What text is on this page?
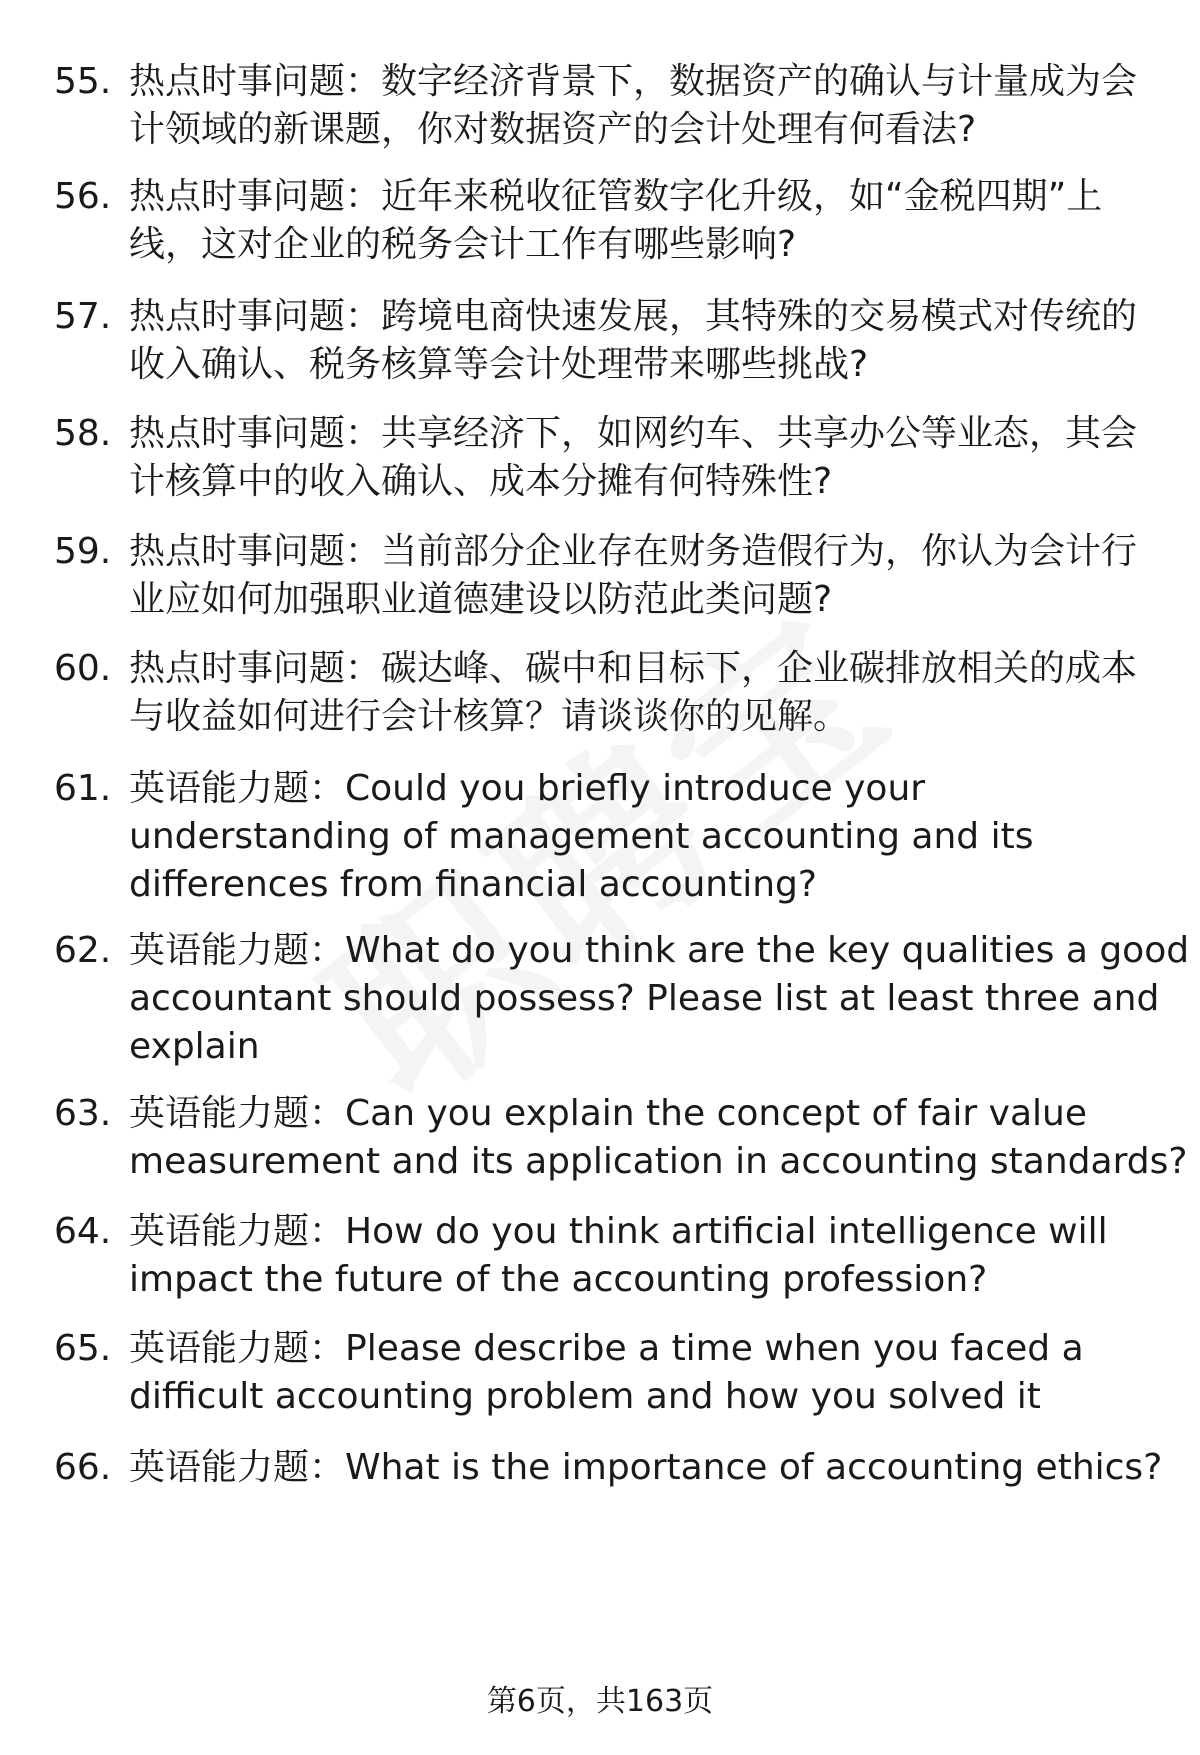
55. 热点时事问题：数字经济背景下，数据资产的确认与计量成为会
计领域的新课题，你对数据资产的会计处理有何看法?
56. 热点时事问题：近年来税收征管数字化升级，如“金税四期”上
线，这对企业的税务会计工作有哪些影响?
57. 热点时事问题：跨境电商快速发展，其特殊的交易模式对传统的
收入确认、税务核算等会计处理带来哪些挑战?
58. 热点时事问题：共享经济下，如网约车、共享办公等业态，其会
计核算中的收入确认、成本分摊有何特殊性?
59. 热点时事问题：当前部分企业存在财务造假行为，你认为会计行
业应如何加强职业道德建设以防范此类问题?
60. 热点时事问题：碳达峰、碳中和目标下，企业碳排放相关的成本
与收益如何进行会计核算？请谈谈你的见解。
61. 英语能力题：Could you briefly introduce your
understanding of management accounting and its
differences from financial accounting?
62. 英语能力题：What do you think are the key qualities a good
accountant should possess? Please list at least three and
explain
63. 英语能力题：Can you explain the concept of fair value
measurement and its application in accounting standards?
64. 英语能力题：How do you think artificial intelligence will
impact the future of the accounting profession?
65. 英语能力题：Please describe a time when you faced a
difficult accounting problem and how you solved it
66. 英语能力题：What is the importance of accounting ethics?
第6页，共163页
